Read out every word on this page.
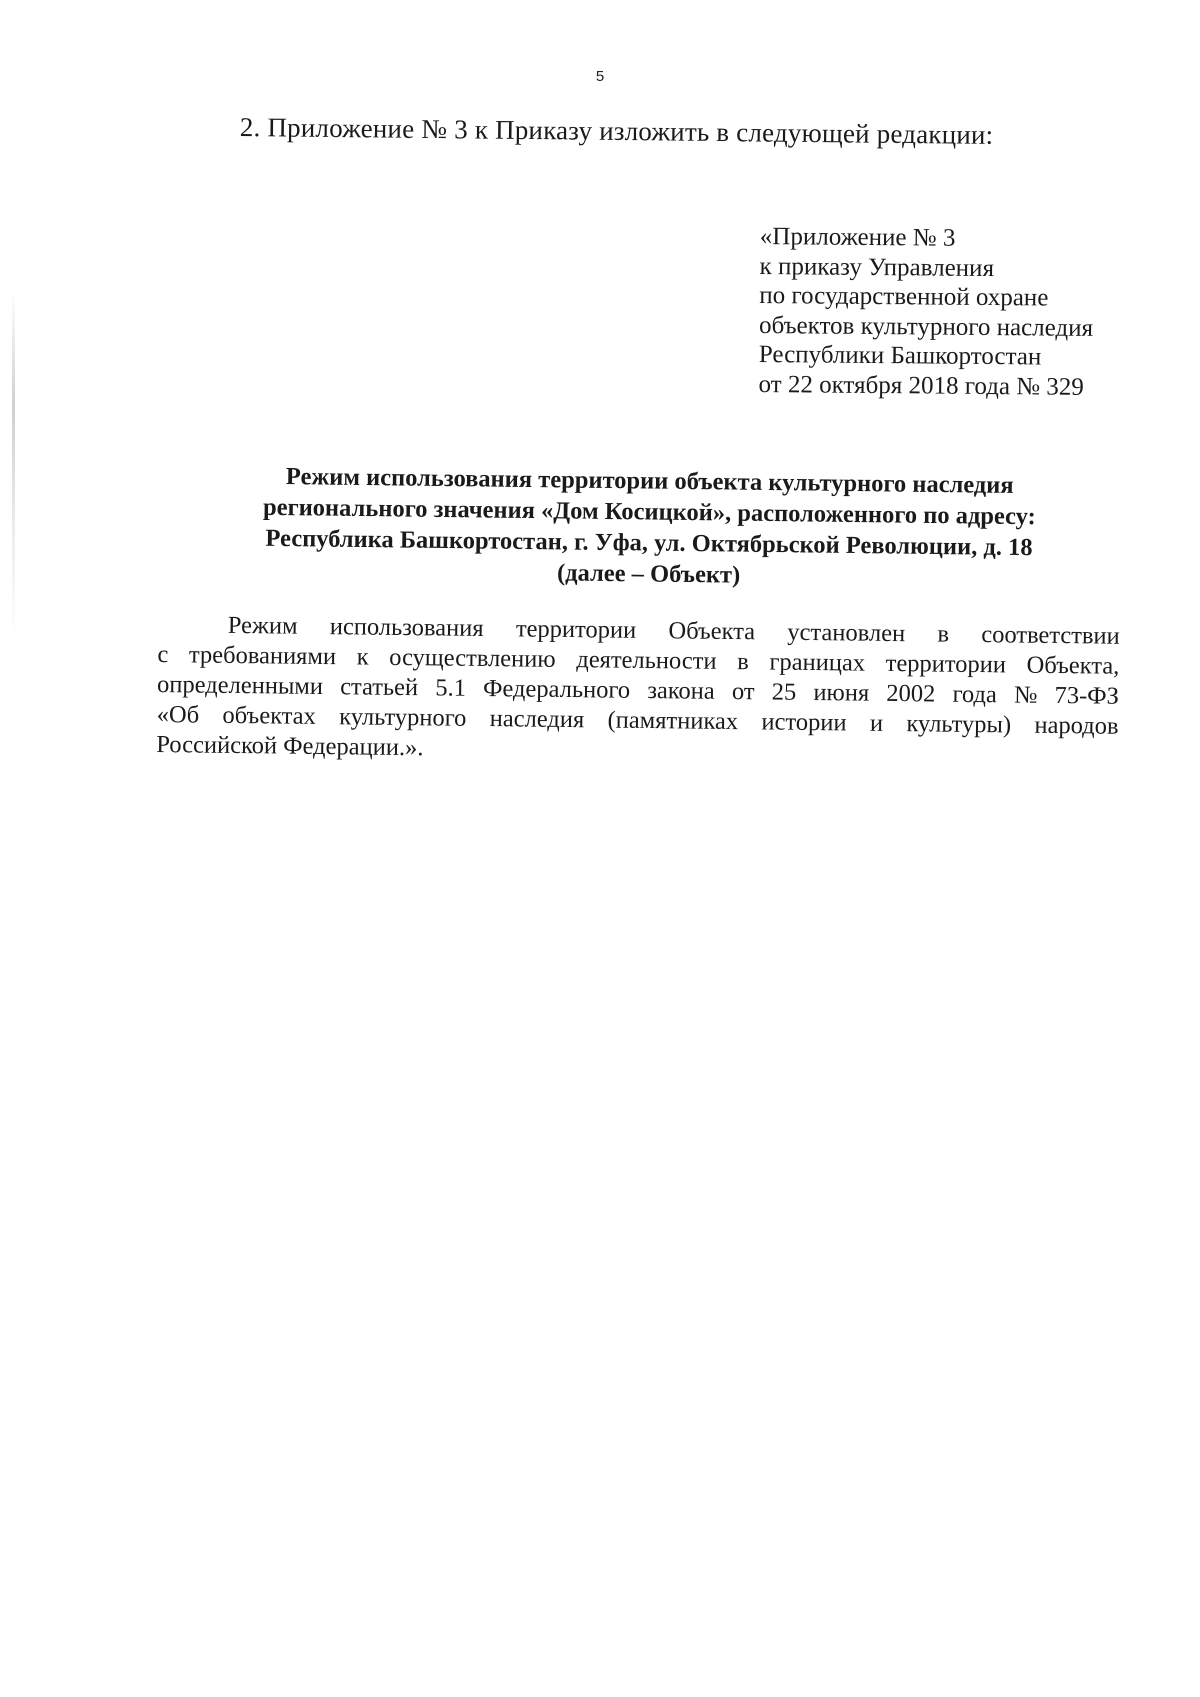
5
2. Приложение № 3 к Приказу изложить в следующей редакции:
«Приложение № 3
к приказу Управления
по государственной охране
объектов культурного наследия
Республики Башкортостан
от 22 октября 2018 года № 329
Режим использования территории объекта культурного наследия
регионального значения «Дом Косицкой», расположенного по адресу:
Республика Башкортостан, г. Уфа, ул. Октябрьской Революции, д. 18
(далее – Объект)
Режим использования территории Объекта установлен в соответствии
с требованиями к осуществлению деятельности в границах территории Объекта,
определенными статьей 5.1 Федерального закона от 25 июня 2002 года № 73-ФЗ
«Об объектах культурного наследия (памятниках истории и культуры) народов
Российской Федерации.».
